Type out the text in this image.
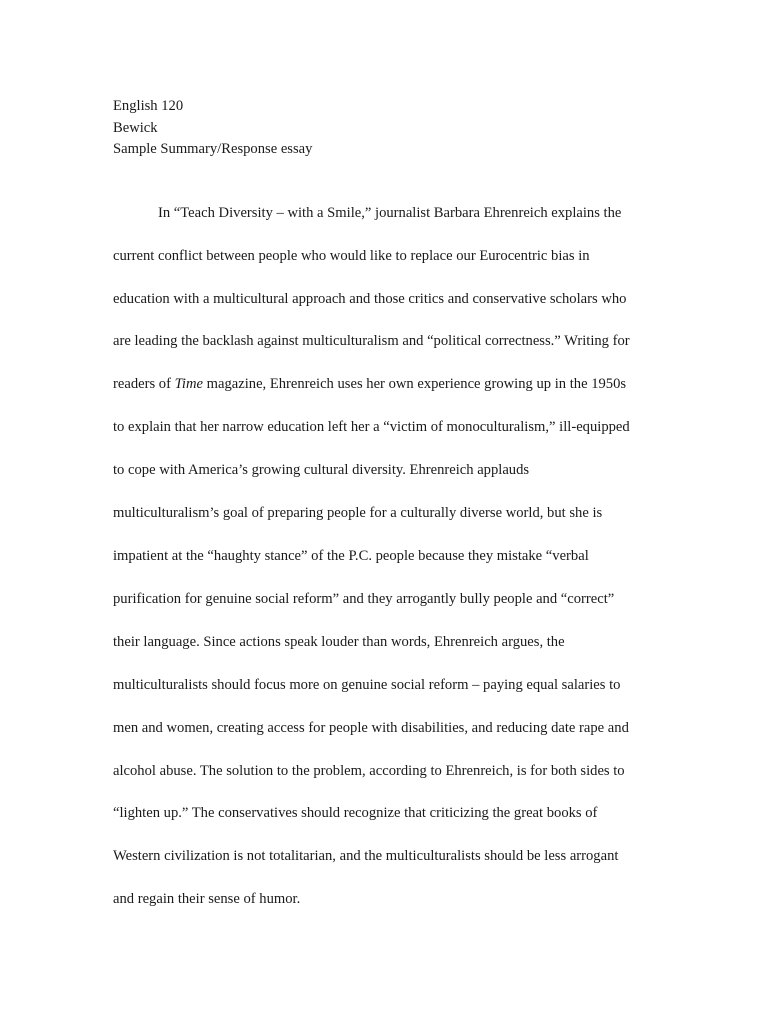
English 120
Bewick
Sample Summary/Response essay
In “Teach Diversity – with a Smile,” journalist Barbara Ehrenreich explains the
current conflict between people who would like to replace our Eurocentric bias in
education with a multicultural approach and those critics and conservative scholars who
are leading the backlash against multiculturalism and “political correctness.” Writing for
readers of Time magazine, Ehrenreich uses her own experience growing up in the 1950s
to explain that her narrow education left her a “victim of monoculturalism,” ill-equipped
to cope with America’s growing cultural diversity. Ehrenreich applauds
multiculturalism’s goal of preparing people for a culturally diverse world, but she is
impatient at the “haughty stance” of the P.C. people because they mistake “verbal
purification for genuine social reform” and they arrogantly bully people and “correct”
their language. Since actions speak louder than words, Ehrenreich argues, the
multiculturalists should focus more on genuine social reform – paying equal salaries to
men and women, creating access for people with disabilities, and reducing date rape and
alcohol abuse. The solution to the problem, according to Ehrenreich, is for both sides to
“lighten up.” The conservatives should recognize that criticizing the great books of
Western civilization is not totalitarian, and the multiculturalists should be less arrogant
and regain their sense of humor.
